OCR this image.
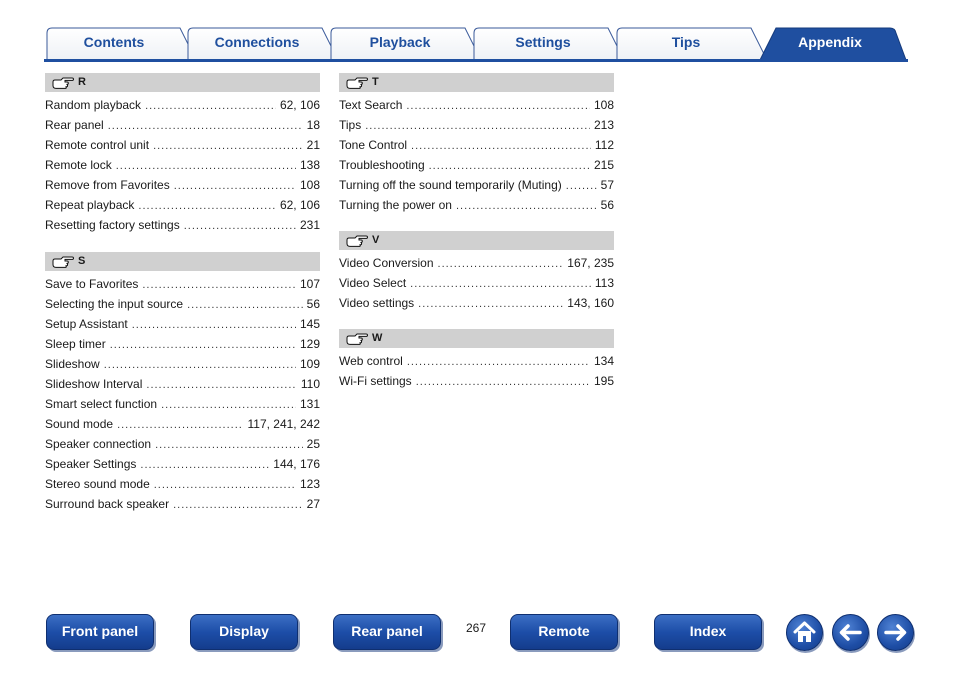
Contents	Connections	Playback	Settings	Tips	Appendix
R
Random playback .....	62, 106
Rear panel .....	18
Remote control unit .....	21
Remote lock .....	138
Remove from Favorites .....	108
Repeat playback .....	62, 106
Resetting factory settings .....	231
S
Save to Favorites .....	107
Selecting the input source .....	56
Setup Assistant .....	145
Sleep timer .....	129
Slideshow .....	109
Slideshow Interval .....	110
Smart select function .....	131
Sound mode .....	117, 241, 242
Speaker connection .....	25
Speaker Settings .....	144, 176
Stereo sound mode .....	123
Surround back speaker .....	27
T
Text Search .....	108
Tips .....	213
Tone Control .....	112
Troubleshooting .....	215
Turning off the sound temporarily (Muting) .....	57
Turning the power on .....	56
V
Video Conversion .....	167, 235
Video Select .....	113
Video settings .....	143, 160
W
Web control .....	134
Wi-Fi settings .....	195
Front panel	Display	Rear panel	267	Remote	Index
